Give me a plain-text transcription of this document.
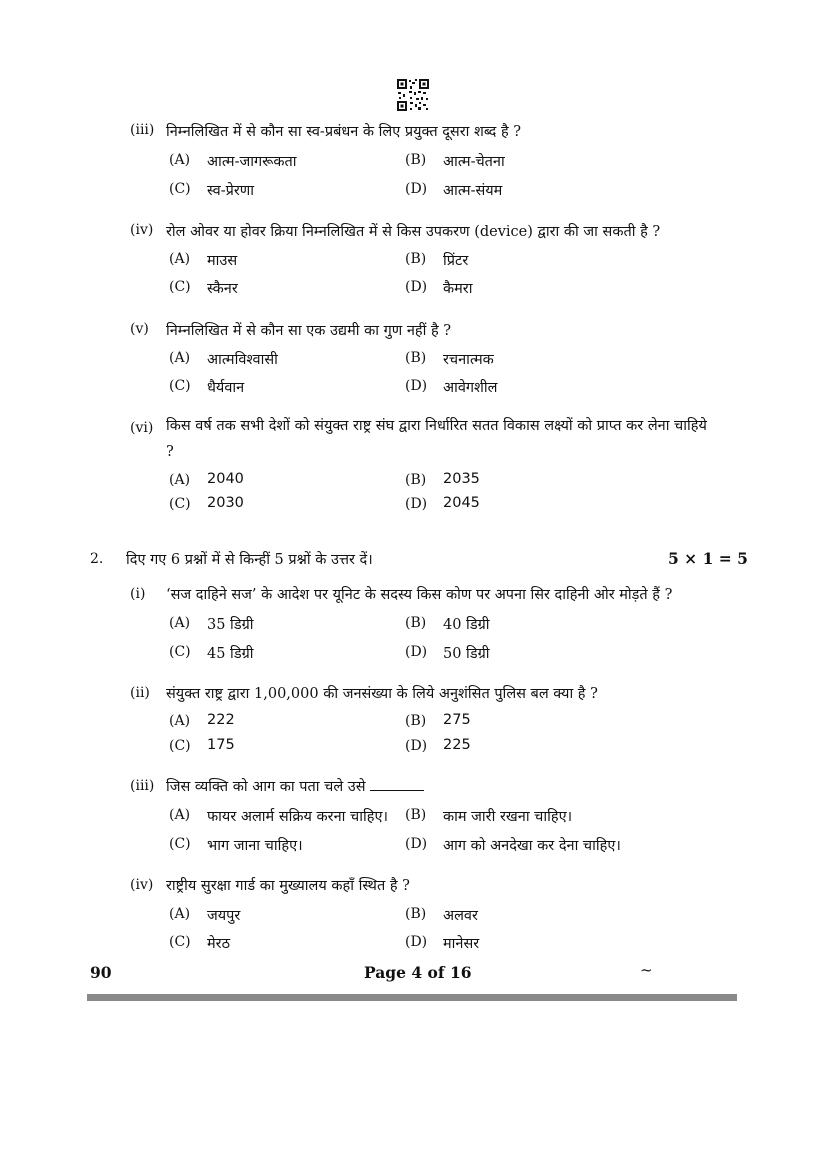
(iii) निम्नलिखित में से कौन सा स्व-प्रबंधन के लिए प्रयुक्त दूसरा शब्द है ?
(A) आत्म-जागरूकता	(B) आत्म-चेतना
(C) स्व-प्रेरणा	(D) आत्म-संयम
(iv) रोल ओवर या होवर क्रिया निम्नलिखित में से किस उपकरण (device) द्वारा की जा सकती है ?
(A) माउस	(B) प्रिंटर
(C) स्कैनर	(D) कैमरा
(v) निम्नलिखित में से कौन सा एक उद्यमी का गुण नहीं है ?
(A) आत्मविश्वासी	(B) रचनात्मक
(C) धैर्यवान	(D) आवेगशील
(vi) किस वर्ष तक सभी देशों को संयुक्त राष्ट्र संघ द्वारा निर्धारित सतत विकास लक्ष्यों को प्राप्त कर लेना चाहिये ?
(A) 2040	(B) 2035
(C) 2030	(D) 2045
2. दिए गए 6 प्रश्नों में से किन्हीं 5 प्रश्नों के उत्तर दें।	5 × 1 = 5
(i) ‘सज दाहिने सज’ के आदेश पर यूनिट के सदस्य किस कोण पर अपना सिर दाहिनी ओर मोड़ते हैं ?
(A) 35 डिग्री	(B) 40 डिग्री
(C) 45 डिग्री	(D) 50 डिग्री
(ii) संयुक्त राष्ट्र द्वारा 1,00,000 की जनसंख्या के लिये अनुशंसित पुलिस बल क्या है ?
(A) 222	(B) 275
(C) 175	(D) 225
(iii) जिस व्यक्ति को आग का पता चले उसे
(A) फायर अलार्म सक्रिय करना चाहिए। (B) काम जारी रखना चाहिए।
(C) भाग जाना चाहिए।	(D) आग को अनदेखा कर देना चाहिए।
(iv) राष्ट्रीय सुरक्षा गार्ड का मुख्यालय कहाँ स्थित है ?
(A) जयपुर	(B) अलवर
(C) मेरठ	(D) मानेसर
90	Page 4 of 16	~
